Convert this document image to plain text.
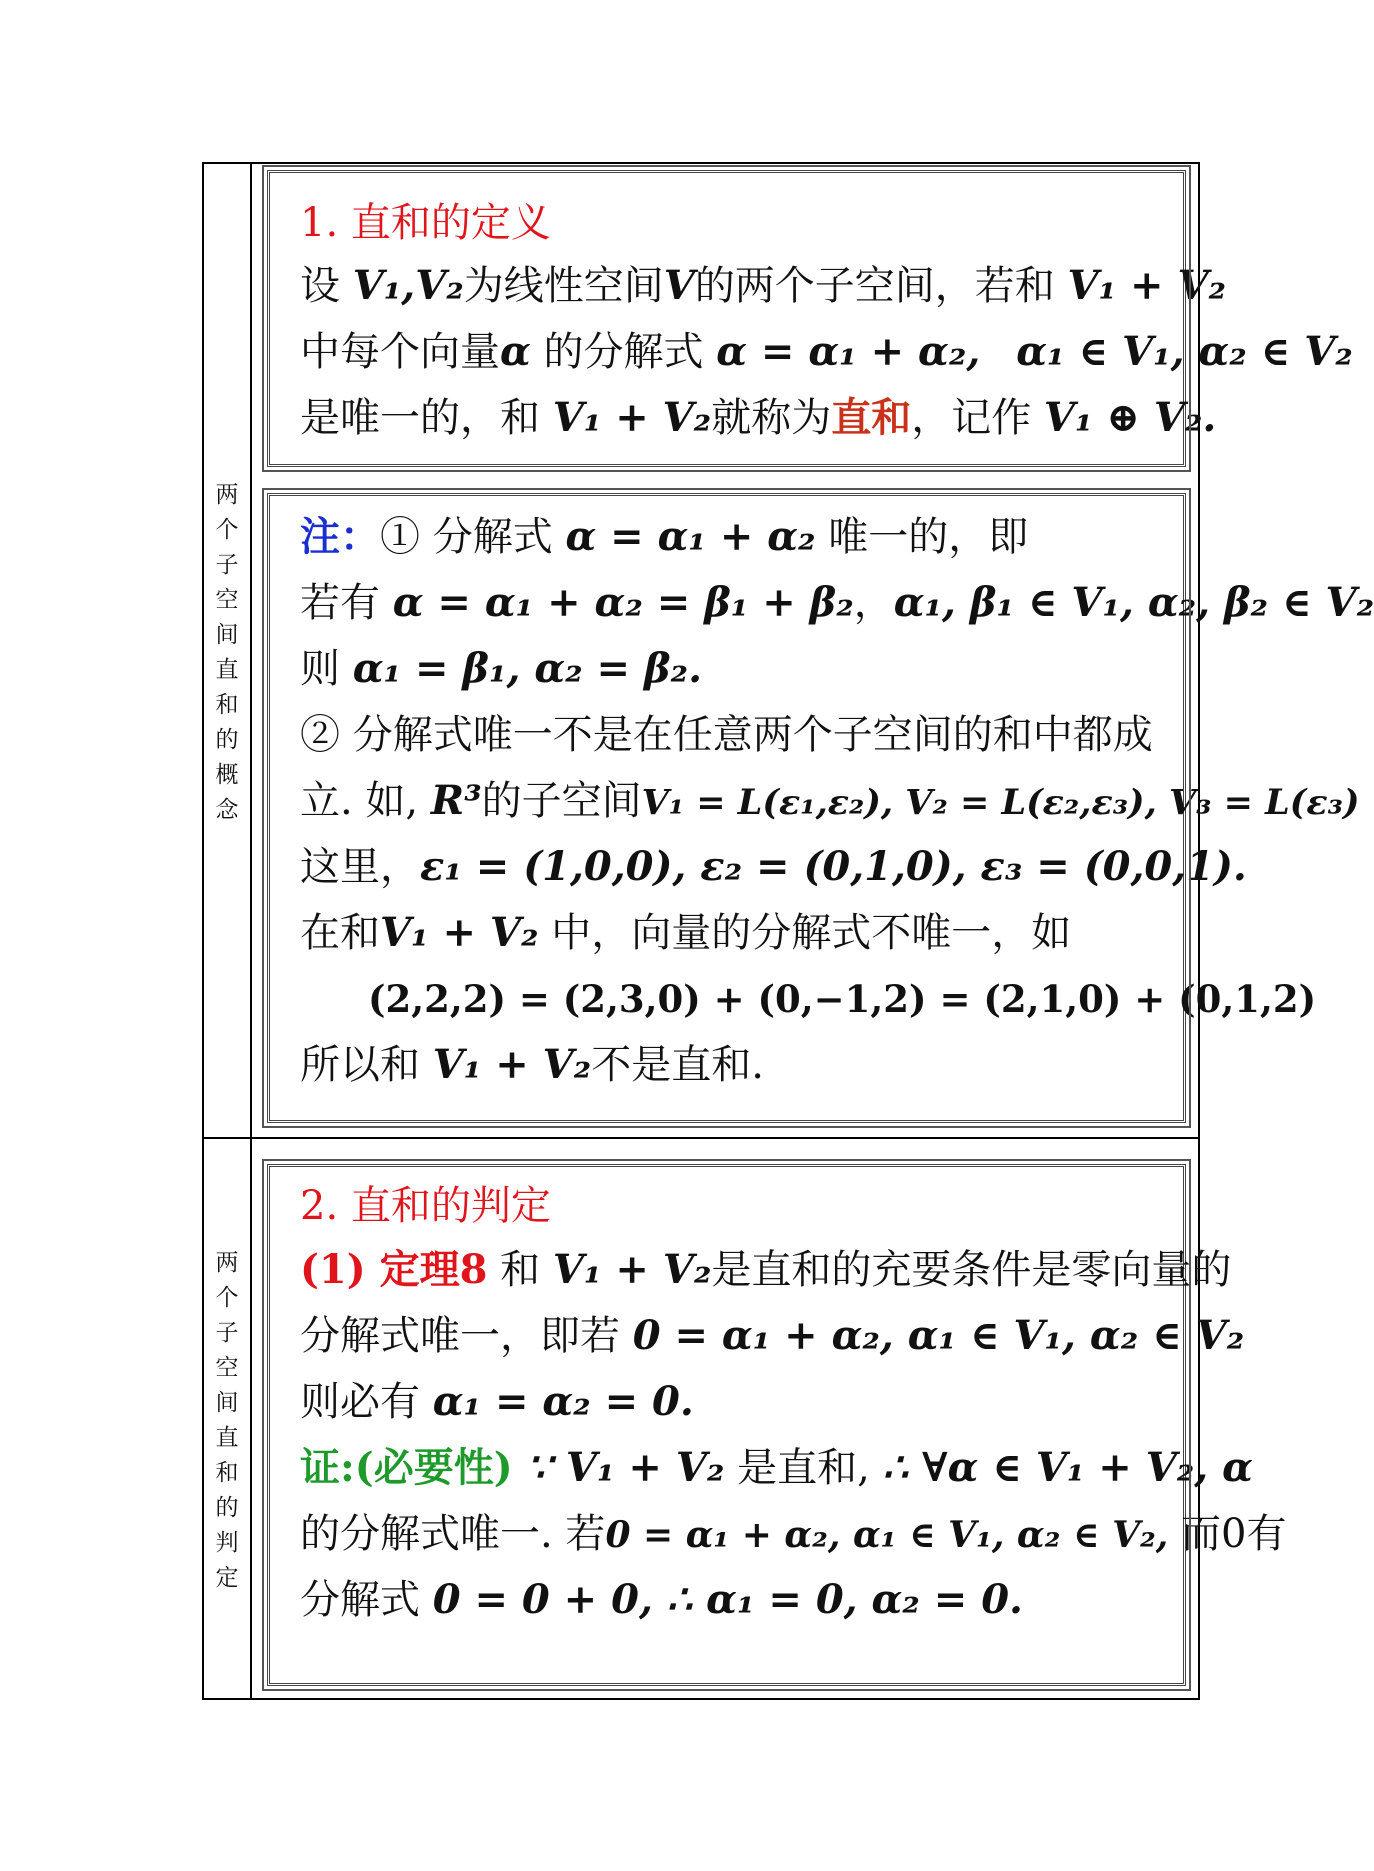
两
个
子
空
间
直
和
的
概
念
两
个
子
空
间
直
和
的
判
定
1. 直和的定义
设 V₁,V₂为线性空间V的两个子空间，若和 V₁ + V₂
中每个向量α 的分解式 α = α₁ + α₂, α₁ ∈ V₁, α₂ ∈ V₂
是唯一的，和 V₁ + V₂就称为直和，记作 V₁ ⊕ V₂.
注：① 分解式 α = α₁ + α₂ 唯一的，即
若有 α = α₁ + α₂ = β₁ + β₂，α₁, β₁ ∈ V₁, α₂, β₂ ∈ V₂
则 α₁ = β₁, α₂ = β₂.
② 分解式唯一不是在任意两个子空间的和中都成
立. 如, R³的子空间V₁ = L(ε₁,ε₂), V₂ = L(ε₂,ε₃), V₃ = L(ε₃)
这里，ε₁ = (1,0,0), ε₂ = (0,1,0), ε₃ = (0,0,1).
在和V₁ + V₂ 中，向量的分解式不唯一，如
(2,2,2) = (2,3,0) + (0,−1,2) = (2,1,0) + (0,1,2)
所以和 V₁ + V₂不是直和.
2. 直和的判定
(1) 定理8 和 V₁ + V₂是直和的充要条件是零向量的
分解式唯一，即若 0 = α₁ + α₂, α₁ ∈ V₁, α₂ ∈ V₂
则必有 α₁ = α₂ = 0.
证:(必要性) ∵ V₁ + V₂ 是直和, ∴ ∀α ∈ V₁ + V₂, α
的分解式唯一. 若0 = α₁ + α₂, α₁ ∈ V₁, α₂ ∈ V₂, 而0有
分解式 0 = 0 + 0, ∴ α₁ = 0, α₂ = 0.
